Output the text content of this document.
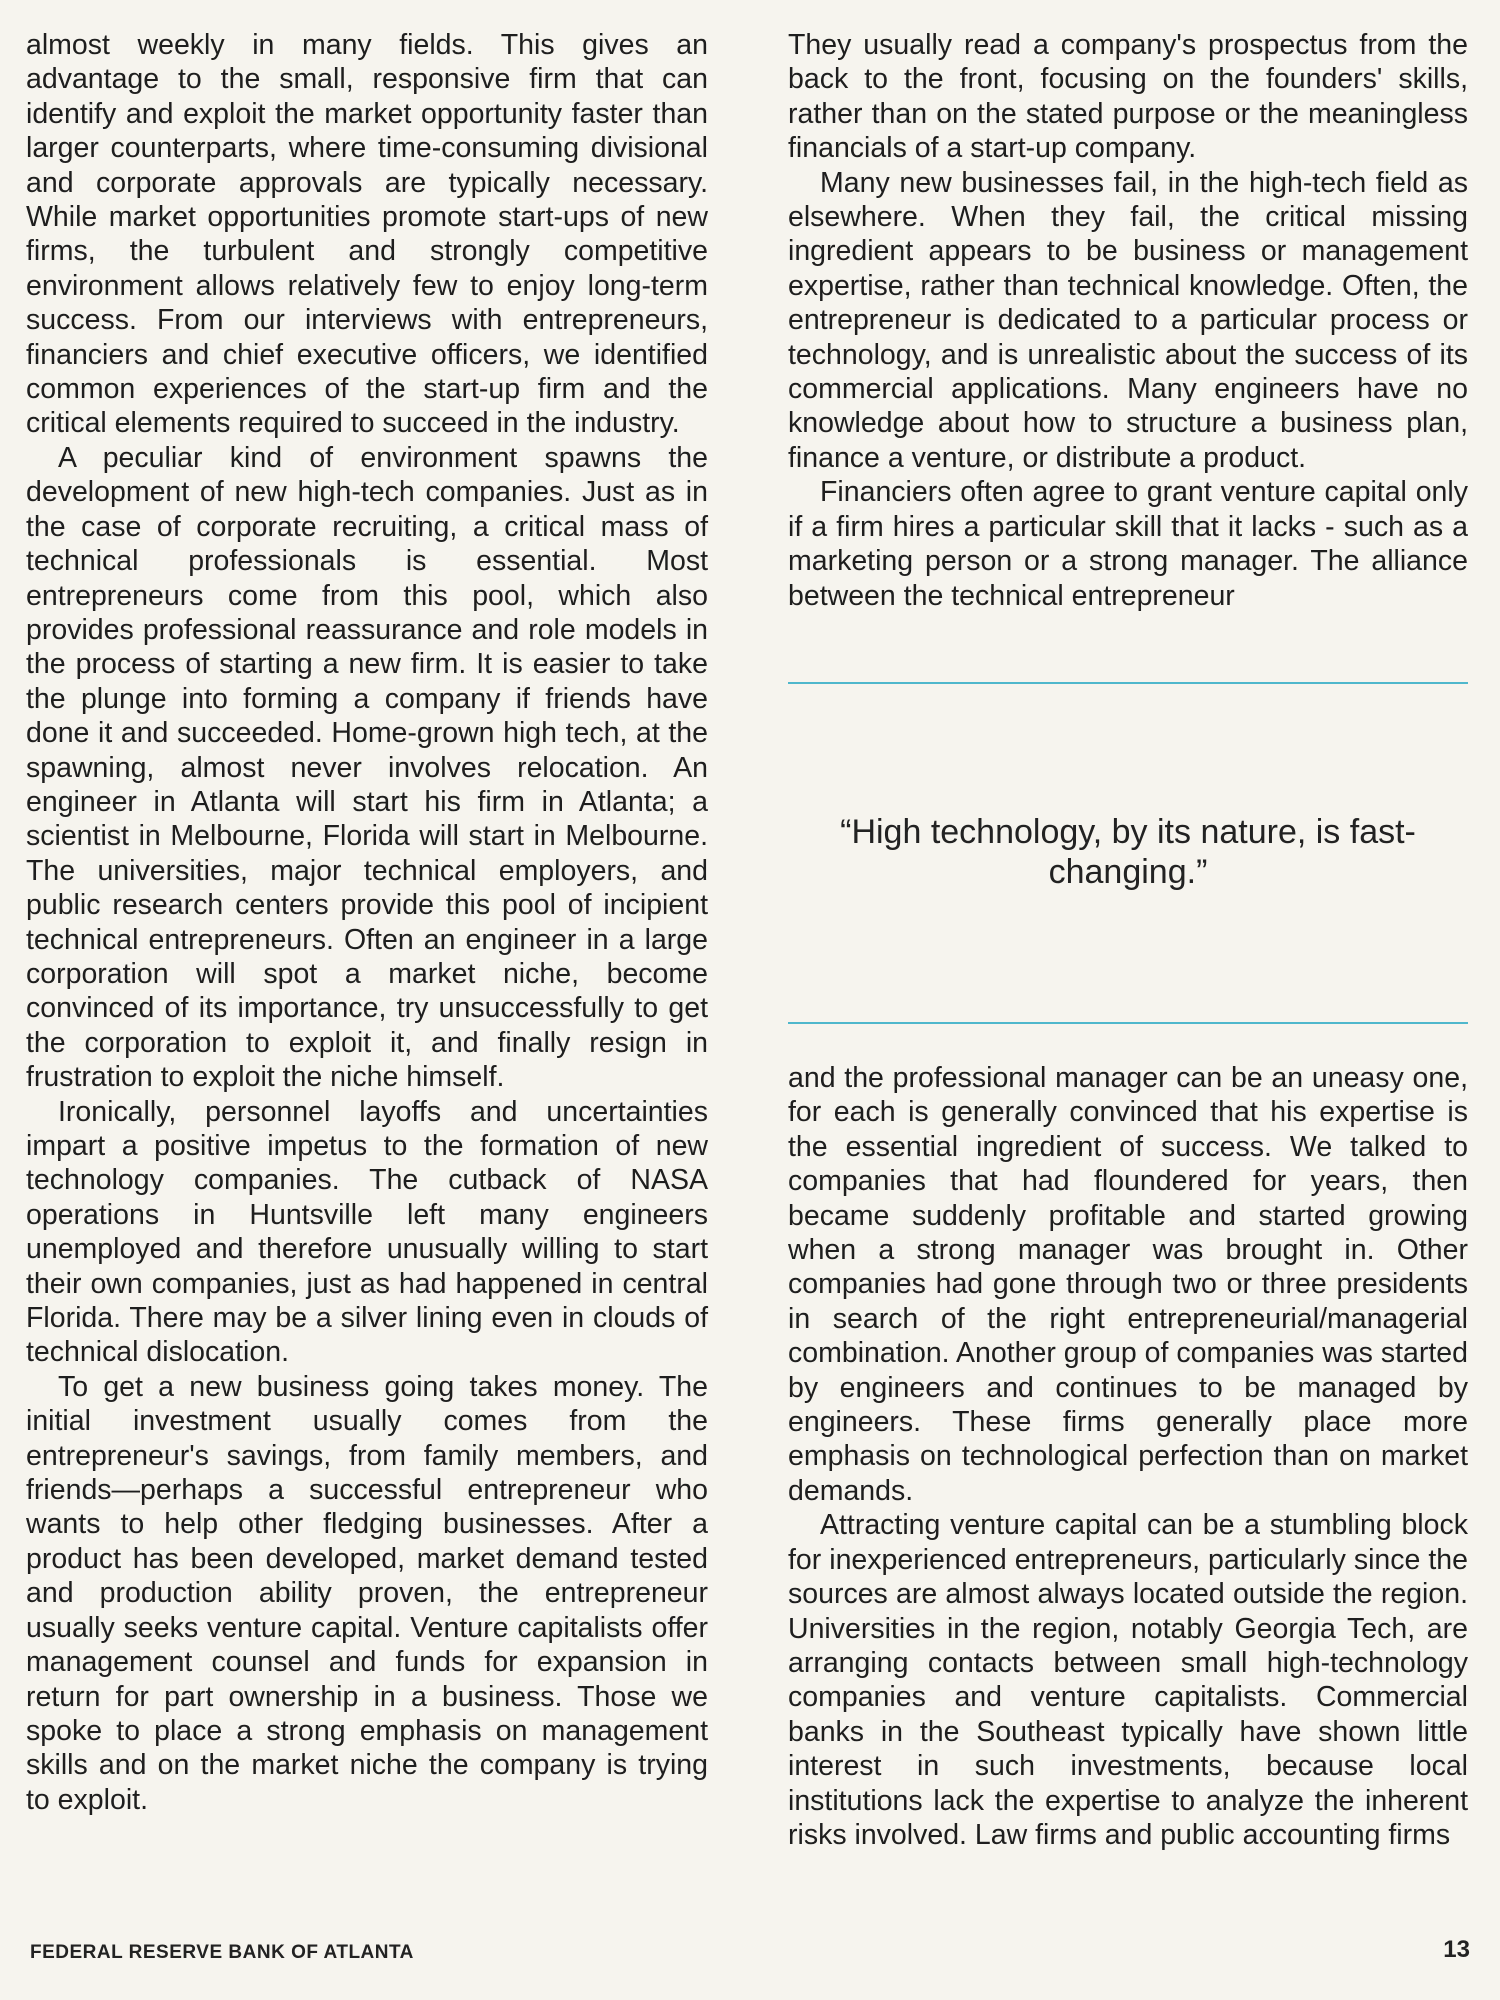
almost weekly in many fields. This gives an advantage to the small, responsive firm that can identify and exploit the market opportunity faster than larger counterparts, where time-consuming divisional and corporate approvals are typically necessary. While market opportunities promote start-ups of new firms, the turbulent and strongly competitive environment allows relatively few to enjoy long-term success. From our interviews with entrepreneurs, financiers and chief executive officers, we identified common experiences of the start-up firm and the critical elements required to succeed in the industry.

A peculiar kind of environment spawns the development of new high-tech companies. Just as in the case of corporate recruiting, a critical mass of technical professionals is essential. Most entrepreneurs come from this pool, which also provides professional reassurance and role models in the process of starting a new firm. It is easier to take the plunge into forming a company if friends have done it and succeeded. Home-grown high tech, at the spawning, almost never involves relocation. An engineer in Atlanta will start his firm in Atlanta; a scientist in Melbourne, Florida will start in Melbourne. The universities, major technical employers, and public research centers provide this pool of incipient technical entrepreneurs. Often an engineer in a large corporation will spot a market niche, become convinced of its importance, try unsuccessfully to get the corporation to exploit it, and finally resign in frustration to exploit the niche himself.

Ironically, personnel layoffs and uncertainties impart a positive impetus to the formation of new technology companies. The cutback of NASA operations in Huntsville left many engineers unemployed and therefore unusually willing to start their own companies, just as had happened in central Florida. There may be a silver lining even in clouds of technical dislocation.

To get a new business going takes money. The initial investment usually comes from the entrepreneur's savings, from family members, and friends—perhaps a successful entrepreneur who wants to help other fledging businesses. After a product has been developed, market demand tested and production ability proven, the entrepreneur usually seeks venture capital. Venture capitalists offer management counsel and funds for expansion in return for part ownership in a business. Those we spoke to place a strong emphasis on management skills and on the market niche the company is trying to exploit.

They usually read a company's prospectus from the back to the front, focusing on the founders' skills, rather than on the stated purpose or the meaningless financials of a start-up company.

Many new businesses fail, in the high-tech field as elsewhere. When they fail, the critical missing ingredient appears to be business or management expertise, rather than technical knowledge. Often, the entrepreneur is dedicated to a particular process or technology, and is unrealistic about the success of its commercial applications. Many engineers have no knowledge about how to structure a business plan, finance a venture, or distribute a product.

Financiers often agree to grant venture capital only if a firm hires a particular skill that it lacks - such as a marketing person or a strong manager. The alliance between the technical entrepreneur

“High technology, by its nature, is fast-changing.”

and the professional manager can be an uneasy one, for each is generally convinced that his expertise is the essential ingredient of success. We talked to companies that had floundered for years, then became suddenly profitable and started growing when a strong manager was brought in. Other companies had gone through two or three presidents in search of the right entrepreneurial/managerial combination. Another group of companies was started by engineers and continues to be managed by engineers. These firms generally place more emphasis on technological perfection than on market demands.

Attracting venture capital can be a stumbling block for inexperienced entrepreneurs, particularly since the sources are almost always located outside the region. Universities in the region, notably Georgia Tech, are arranging contacts between small high-technology companies and venture capitalists. Commercial banks in the Southeast typically have shown little interest in such investments, because local institutions lack the expertise to analyze the inherent risks involved. Law firms and public accounting firms

FEDERAL RESERVE BANK OF ATLANTA	13
